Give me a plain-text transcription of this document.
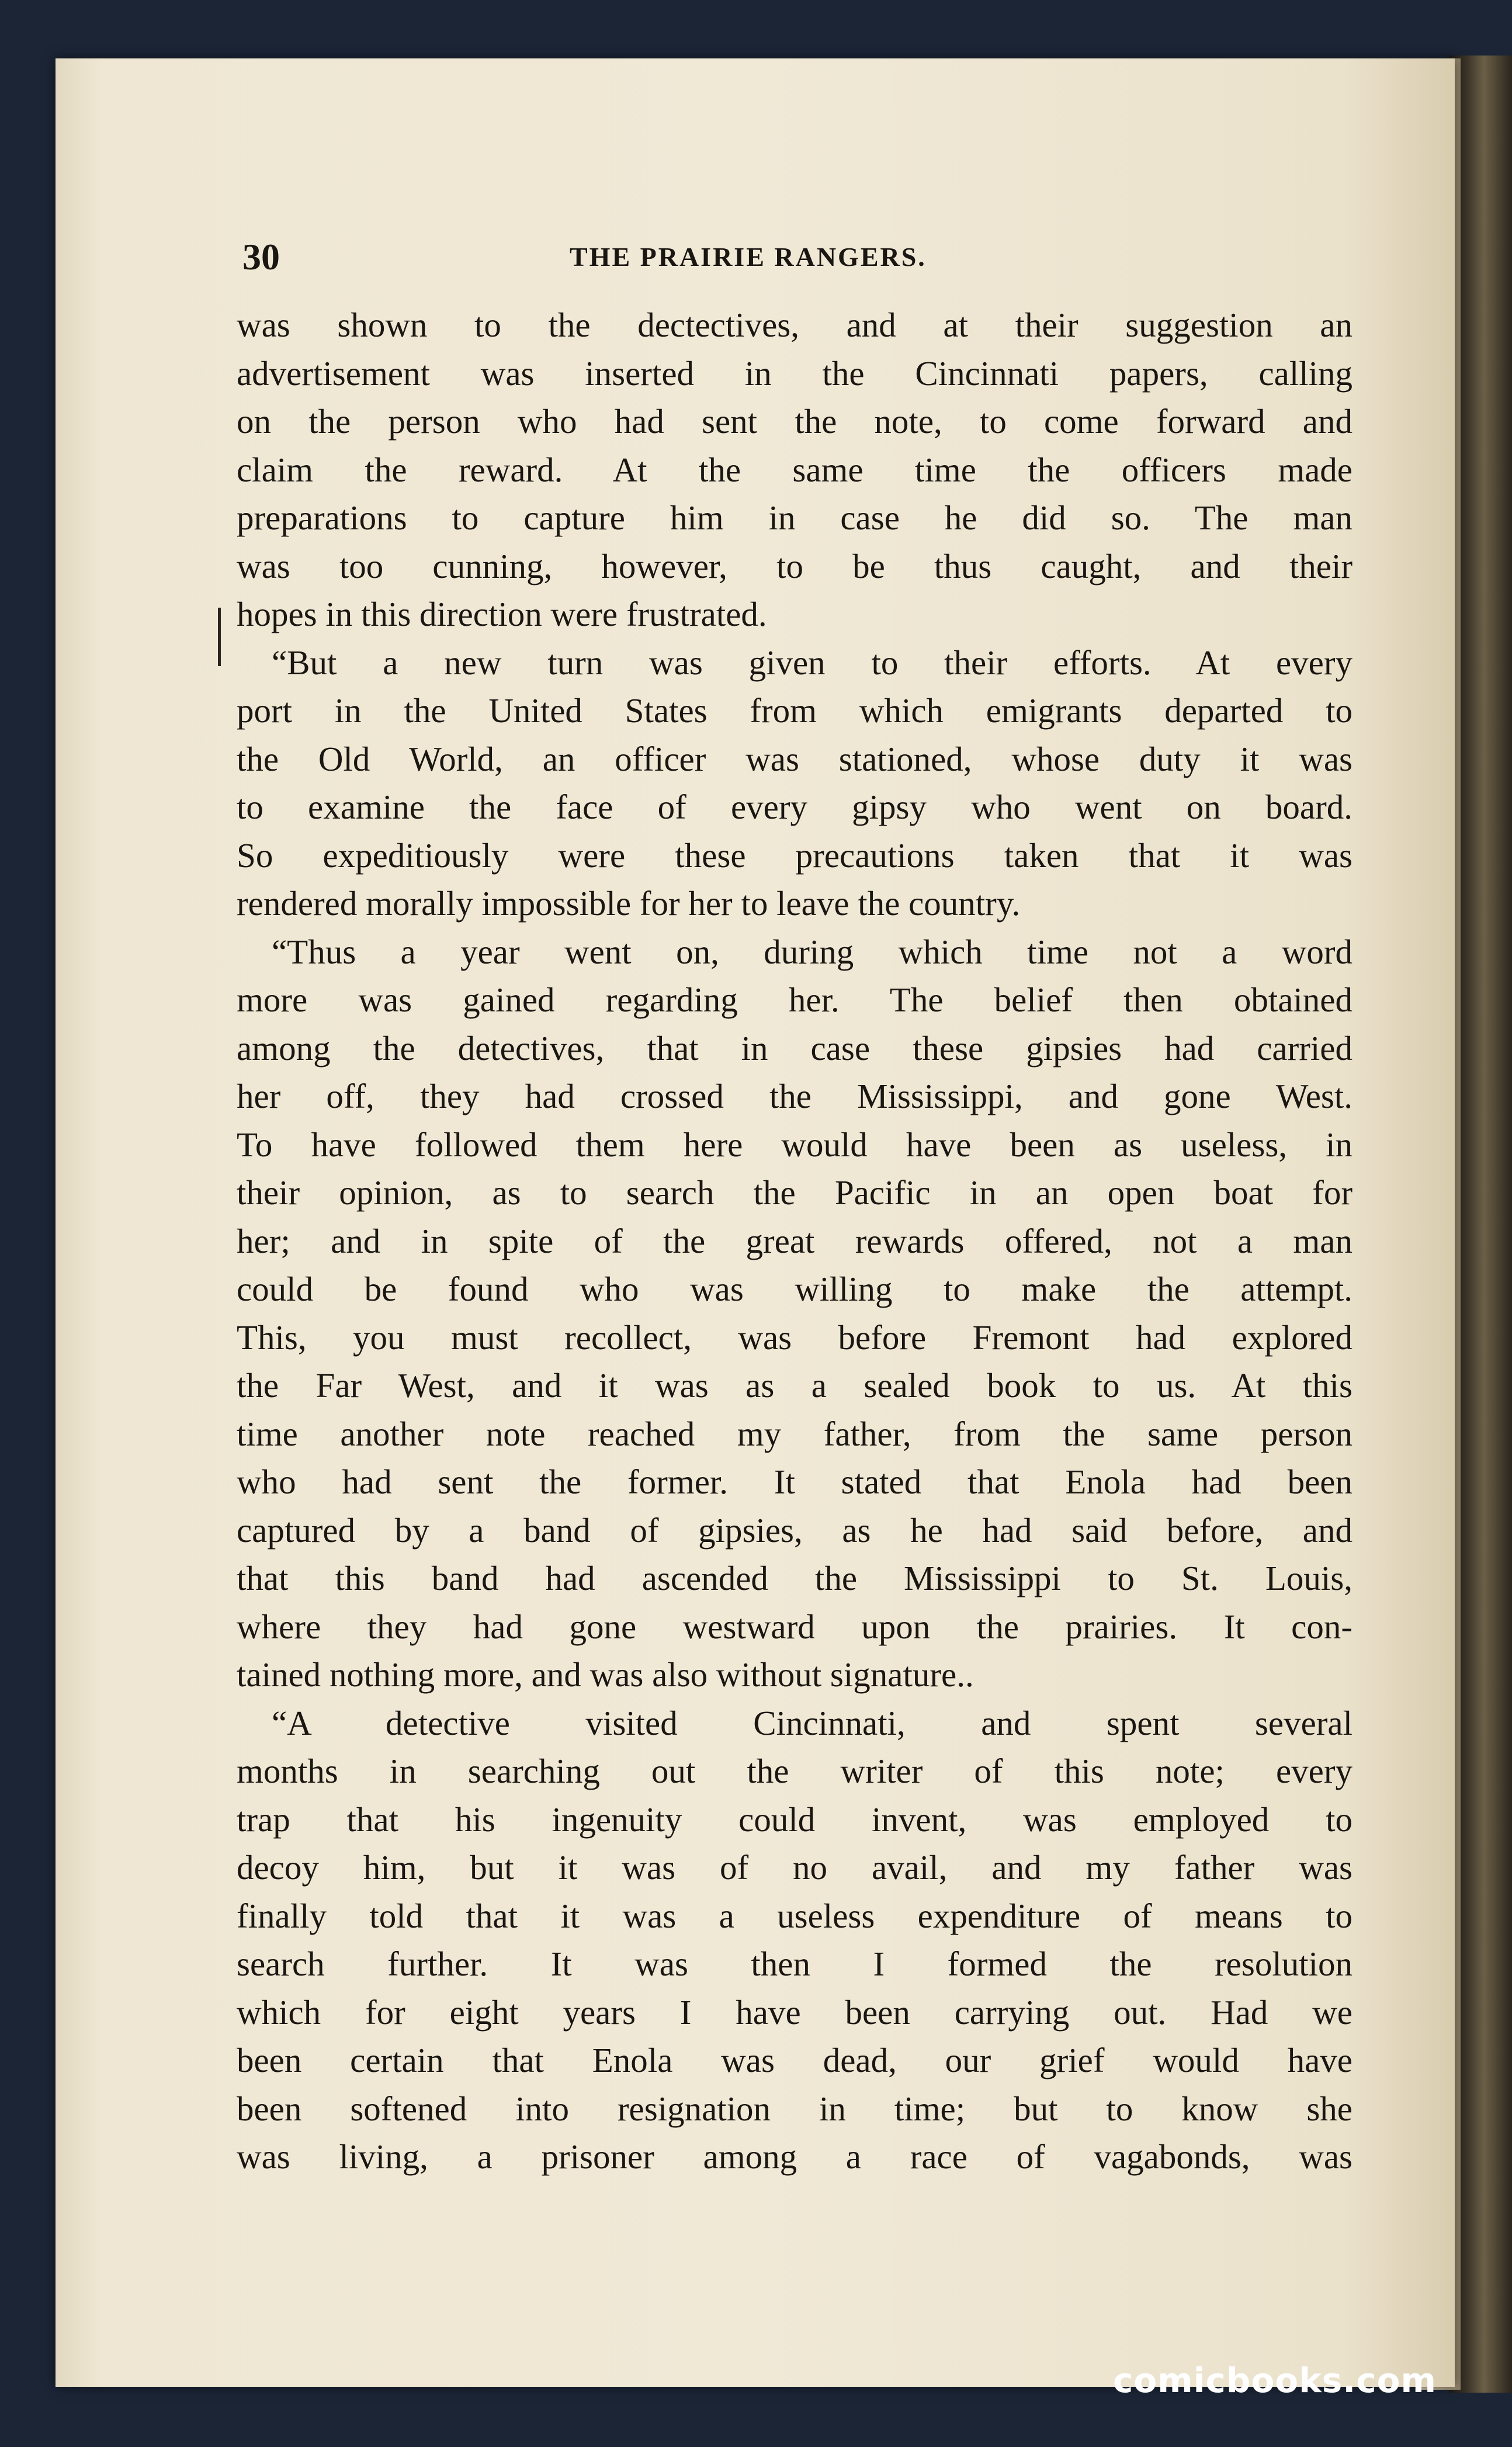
30	THE PRAIRIE RANGERS.
was shown to the dectectives, and at their suggestion an
advertisement was inserted in the Cincinnati papers, calling
on the person who had sent the note, to come forward and
claim the reward. At the same time the officers made
preparations to capture him in case he did so. The man
was too cunning, however, to be thus caught, and their
hopes in this direction were frustrated.
“But a new turn was given to their efforts. At every
port in the United States from which emigrants departed to
the Old World, an officer was stationed, whose duty it was
to examine the face of every gipsy who went on board.
So expeditiously were these precautions taken that it was
rendered morally impossible for her to leave the country.
“Thus a year went on, during which time not a word
more was gained regarding her. The belief then obtained
among the detectives, that in case these gipsies had carried
her off, they had crossed the Mississippi, and gone West.
To have followed them here would have been as useless, in
their opinion, as to search the Pacific in an open boat for
her; and in spite of the great rewards offered, not a man
could be found who was willing to make the attempt.
This, you must recollect, was before Fremont had explored
the Far West, and it was as a sealed book to us. At this
time another note reached my father, from the same person
who had sent the former. It stated that Enola had been
captured by a band of gipsies, as he had said before, and
that this band had ascended the Mississippi to St. Louis,
where they had gone westward upon the prairies. It con-
tained nothing more, and was also without signature..
“A detective visited Cincinnati, and spent several
months in searching out the writer of this note; every
trap that his ingenuity could invent, was employed to
decoy him, but it was of no avail, and my father was
finally told that it was a useless expenditure of means to
search further. It was then I formed the resolution
which for eight years I have been carrying out. Had we
been certain that Enola was dead, our grief would have
been softened into resignation in time; but to know she
was living, a prisoner among a race of vagabonds, was
comicbooks.com
